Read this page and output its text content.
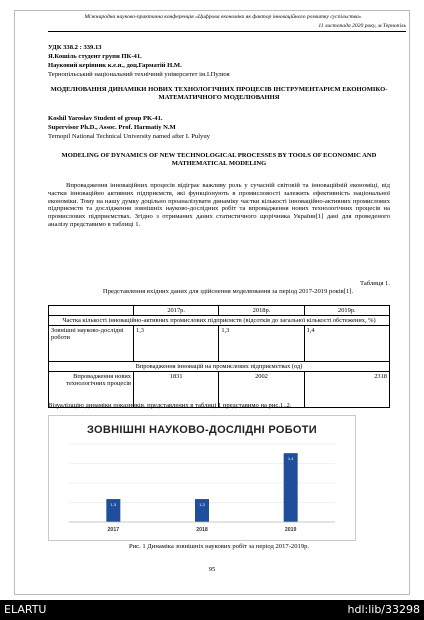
Міжнародна науково-практична конференція «Цифрова економіка як фактор інноваційного розвитку суспільства»
11 листопада 2020 року, м.Тернопіль
УДК 338.2 : 339.13
Я.Кошіль студент групи ПК-41.
Науковий керівник к.е.н., доц.Гарматій Н.М.
Тернопільський національний технічний університет ім.І.Пулюя
МОДЕЛЮВАННЯ ДИНАМІКИ НОВИХ ТЕХНОЛОГІЧНИХ ПРОЦЕСІВ ІНСТРУМЕНТАРІЄМ ЕКОНОМІКО-МАТЕМАТИЧНОГО МОДЕЛЮВАННЯ
Koshil Yaroslav Student of group PK-41.
Supervisor Ph.D., Assoc. Prof. Harmatiy N.M
Ternopil National Technical University named after I. Pulyuy
MODELING OF DYNAMICS OF NEW TECHNOLOGICAL PROCESSES BY TOOLS OF ECONOMIC AND MATHEMATICAL MODELING
Впровадження інноваційних процесів відіграє важливу роль у сучасній світовій та інноваційній економіці, від частки інноваційно активних підприємств, які функціонують в промисловості залежить ефективність національної економіки. Тому на нашу думку доцільно проаналізувати динаміку частки кількості інноваційно-активних промислових підприємств та дослідження зовнішніх науково-дослідних робіт та впровадження нових технологічних процесів на промислових підприємствах. Згідно з отриманих даних статистичного щорічника України[1] дані для проведеного аналізу представимо в таблиці 1.
Таблиця 1.
Представлення вхідних даних для здійснення моделювання за період 2017-2019 років[1].
	2017р.	2018р.	2019р.
Частка кількості інноваційно-активних промислових підприємств (відсотків до загальної кількості обстежених, %)			
Зовнішні науково-дослідні роботи	1,3	1,3	1,4
Впровадження інновацій на промислових підприємствах (од)			
Впровадження нових технологічних процесів	1831	2002	2318
Візуалізацію динаміки показників, представлених в таблиці 1 представимо на рис.1.,2.
ЗОВНІШНІ НАУКОВО-ДОСЛІДНІ РОБОТИ
1,3
2017
1,3
2018
1,4
2019
Рис. 1 Динаміка зовнішніх наукових робіт за період 2017-2019р.
95
ELARTU	hdl:lib/33298
